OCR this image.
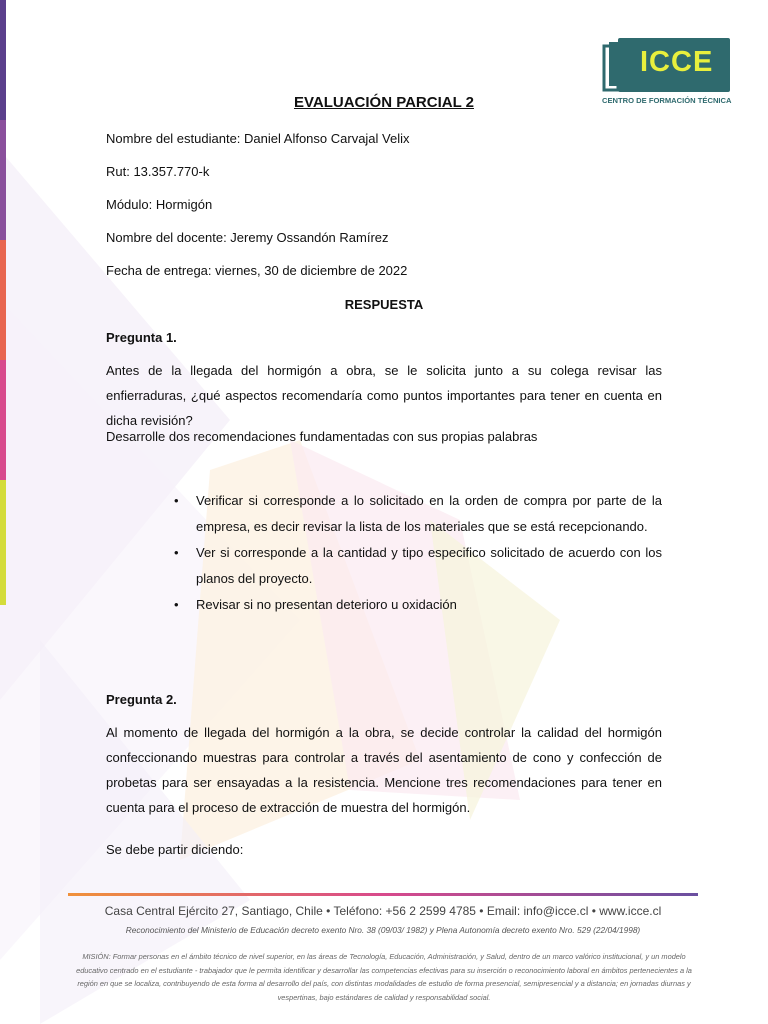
ICCE
CENTRO DE FORMACIÓN TÉCNICA
EVALUACIÓN PARCIAL 2
Nombre del estudiante: Daniel Alfonso Carvajal Velix
Rut: 13.357.770-k
Módulo: Hormigón
Nombre del docente: Jeremy Ossandón Ramírez
Fecha de entrega: viernes, 30 de diciembre de 2022
RESPUESTA
Pregunta 1.
Antes de la llegada del hormigón a obra, se le solicita junto a su colega revisar las enfierraduras, ¿qué aspectos recomendaría como puntos importantes para tener en cuenta en dicha revisión?
Desarrolle dos recomendaciones fundamentadas con sus propias palabras
• Verificar si corresponde a lo solicitado en la orden de compra por parte de la empresa, es decir revisar la lista de los materiales que se está recepcionando.
• Ver si corresponde a la cantidad y tipo especifico solicitado de acuerdo con los planos del proyecto.
• Revisar si no presentan deterioro u oxidación
Pregunta 2.
Al momento de llegada del hormigón a la obra, se decide controlar la calidad del hormigón confeccionando muestras para controlar a través del asentamiento de cono y confección de probetas para ser ensayadas a la resistencia. Mencione tres recomendaciones para tener en cuenta para el proceso de extracción de muestra del hormigón.
Se debe partir diciendo:
Casa Central Ejército 27, Santiago, Chile • Teléfono: +56 2 2599 4785 • Email: info@icce.cl • www.icce.cl
Reconocimiento del Ministerio de Educación decreto exento Nro. 38 (09/03/ 1982) y Plena Autonomía decreto exento Nro. 529 (22/04/1998)
MISIÓN: Formar personas en el ámbito técnico de nivel superior, en las áreas de Tecnología, Educación, Administración, y Salud, dentro de un marco valórico institucional, y un modelo educativo centrado en el estudiante - trabajador que le permita identificar y desarrollar las competencias efectivas para su inserción o reconocimiento laboral en ámbitos pertenecientes a la región en que se localiza, contribuyendo de esta forma al desarrollo del país, con distintas modalidades de estudio de forma presencial, semipresencial y a distancia; en jornadas diurnas y vespertinas, bajo estándares de calidad y responsabilidad social.
